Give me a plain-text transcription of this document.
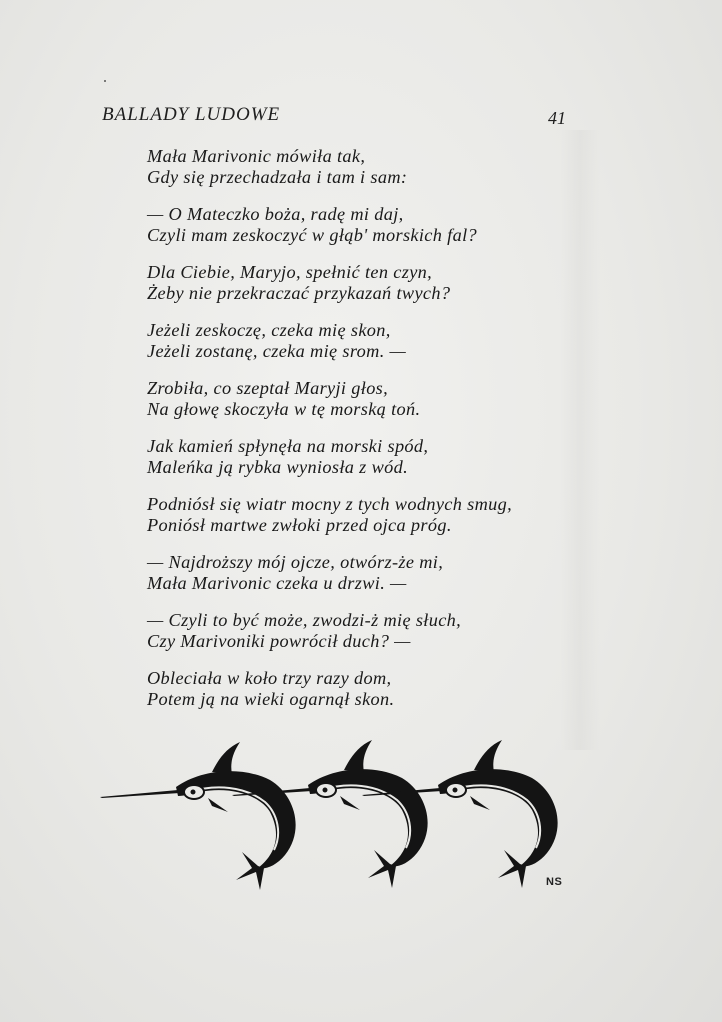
BALLADY LUDOWE	41
Mała Marivonic mówiła tak,
Gdy się przechadzała i tam i sam:
— O Mateczko boża, radę mi daj,
Czyli mam zeskoczyć w głąb' morskich fal?
Dla Ciebie, Maryjo, spełnić ten czyn,
Żeby nie przekraczać przykazań twych?
Jeżeli zeskoczę, czeka mię skon,
Jeżeli zostanę, czeka mię srom. —
Zrobiła, co szeptał Maryji głos,
Na głowę skoczyła w tę morską toń.
Jak kamień spłynęła na morski spód,
Maleńka ją rybka wyniosła z wód.
Podniósł się wiatr mocny z tych wodnych smug,
Poniósł martwe zwłoki przed ojca próg.
— Najdroższy mój ojcze, otwórz-że mi,
Mała Marivonic czeka u drzwi. —
— Czyli to być może, zwodzi-ż mię słuch,
Czy Marivoniki powrócił duch? —
Obleciała w koło trzy razy dom,
Potem ją na wieki ogarnął skon.
NS
